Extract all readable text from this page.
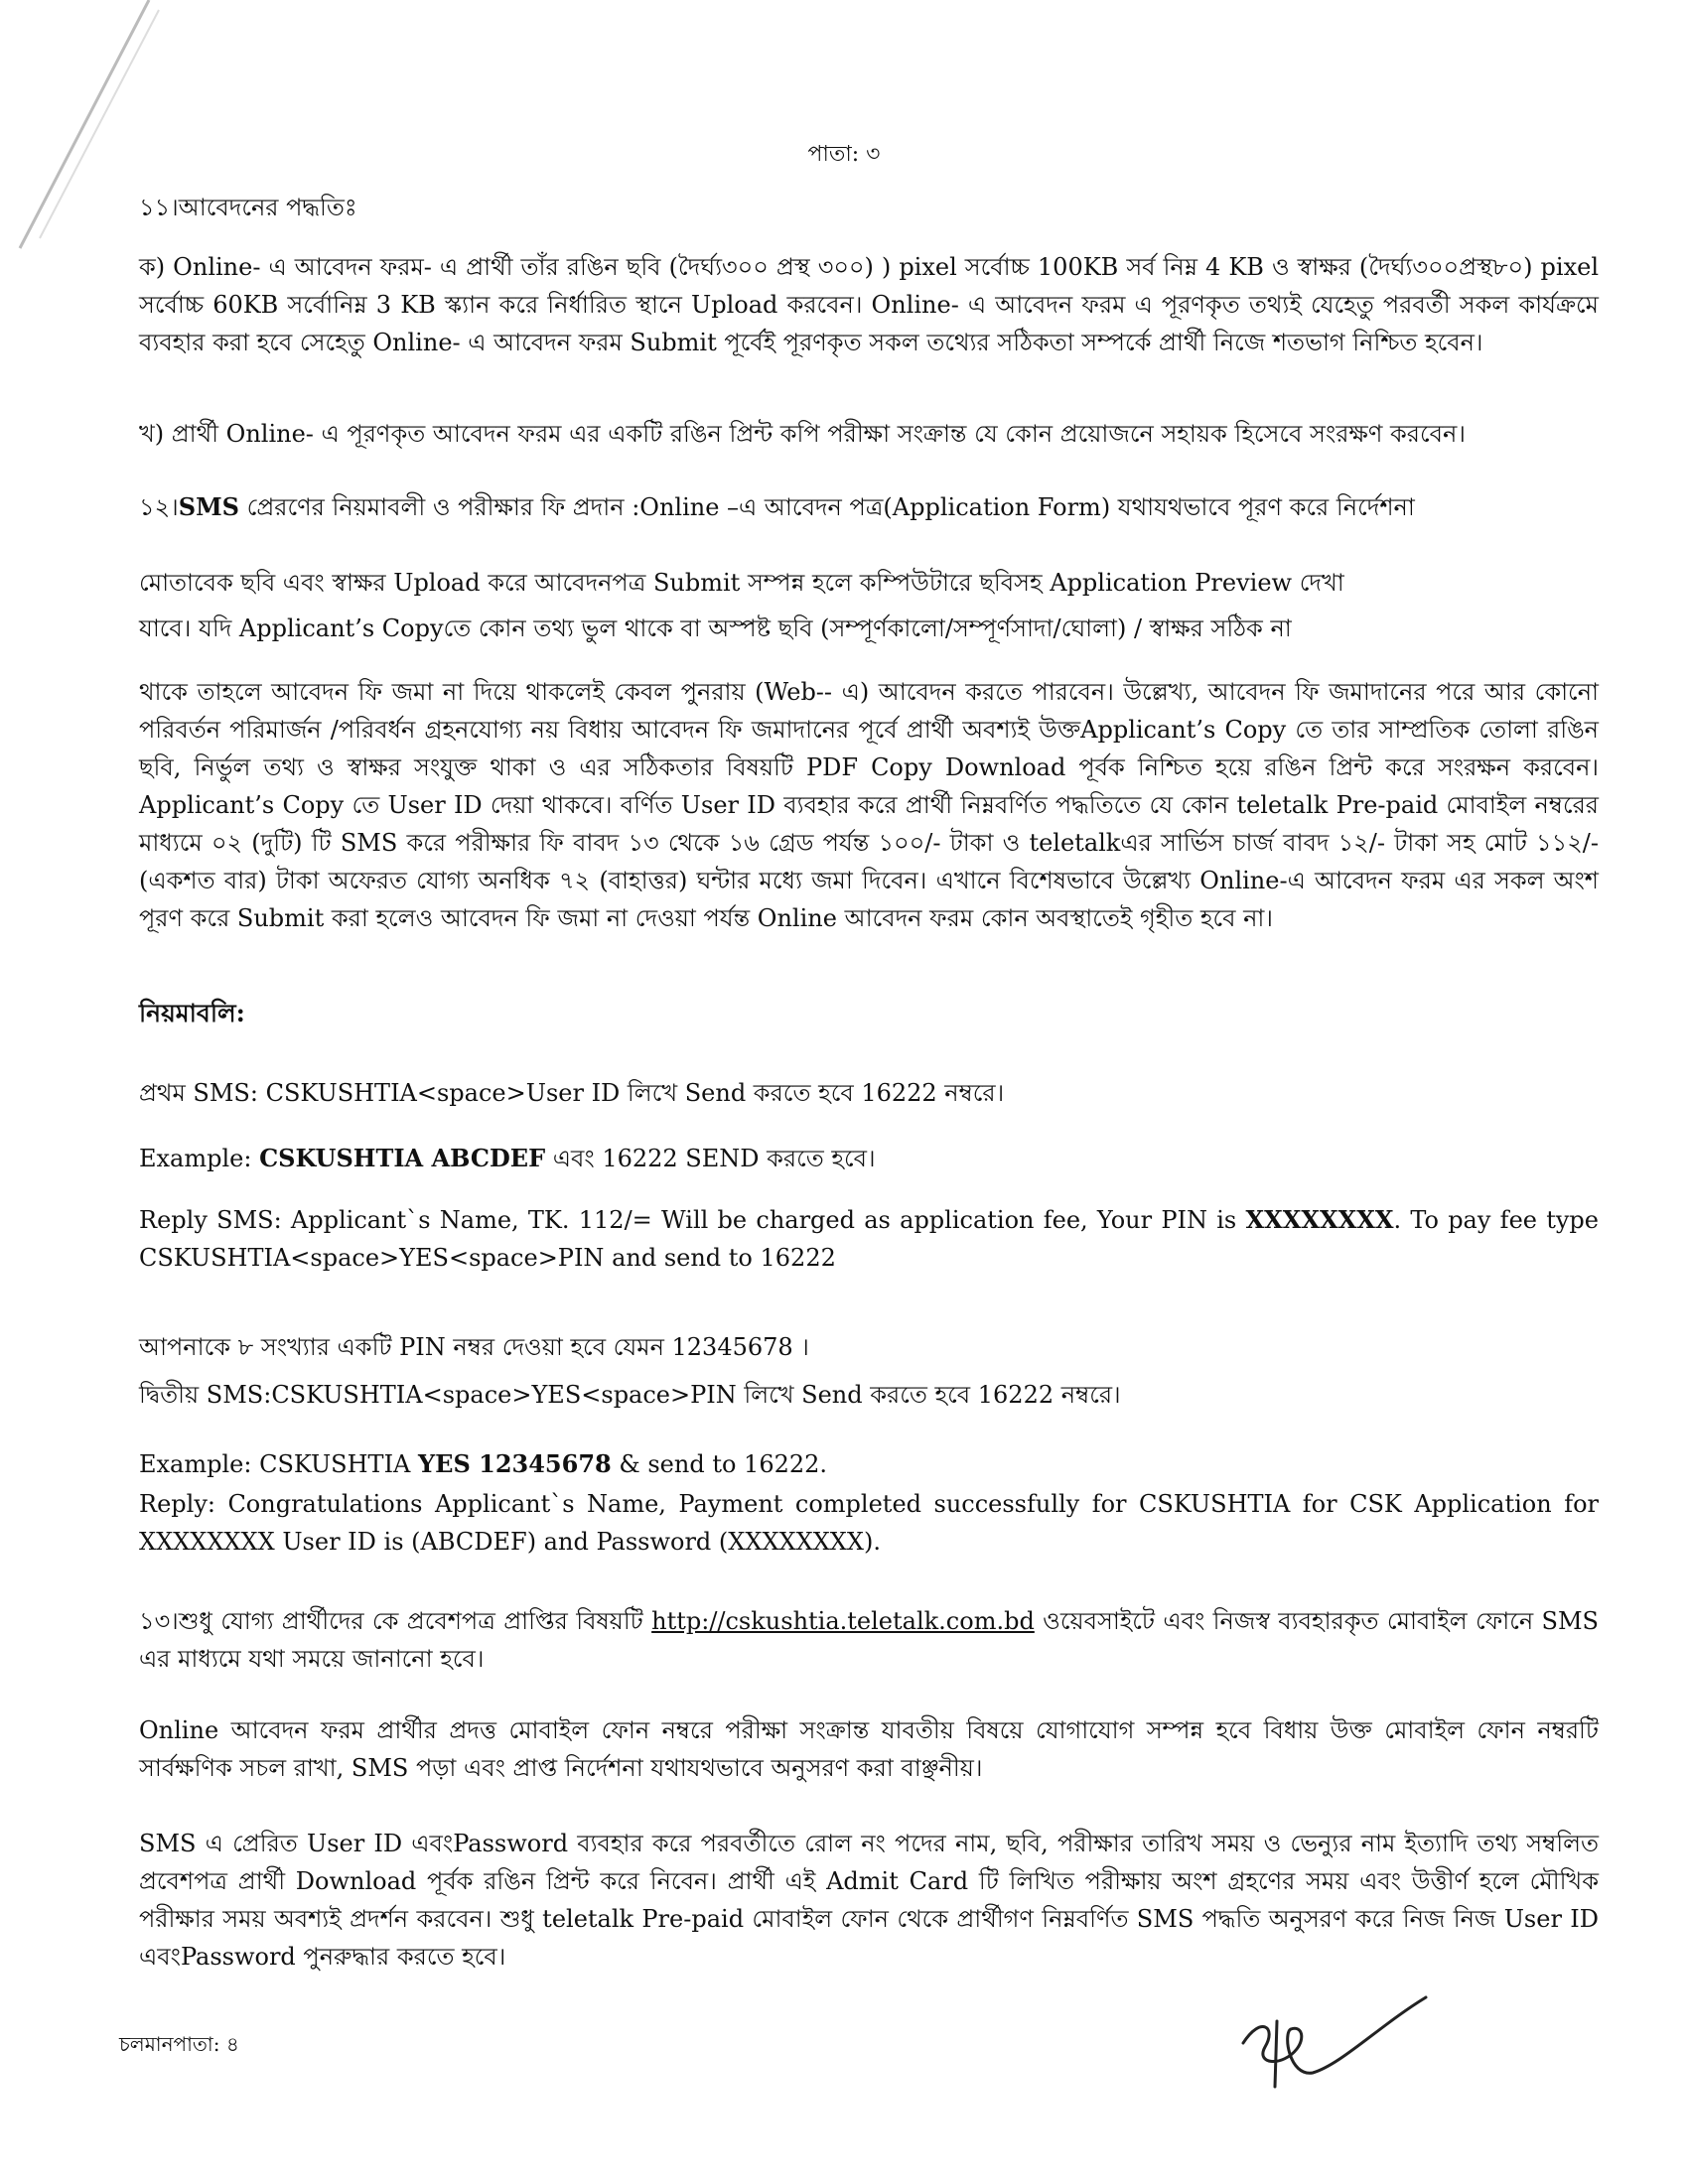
পাতা: ৩

১১।আবেদনের পদ্ধতিঃ

ক) Online- এ আবেদন ফরম- এ প্রার্থী তাঁর রঙিন ছবি (দৈর্ঘ্য৩০০ প্রস্থ ৩০০) ) pixel সর্বোচ্চ 100KB সর্ব নিম্ন 4 KB ও স্বাক্ষর (দৈর্ঘ্য৩০০প্রস্থ৮০) pixel সর্বোচ্চ 60KB সর্বোনিম্ন 3 KB স্ক্যান করে নির্ধারিত স্থানে Upload করবেন। Online- এ আবেদন ফরম এ পূরণকৃত তথ্যই যেহেতু পরবর্তী সকল কার্যক্রমে ব্যবহার করা হবে সেহেতু Online- এ আবেদন ফরম Submit পূর্বেই পূরণকৃত সকল তথ্যের সঠিকতা সম্পর্কে প্রার্থী নিজে শতভাগ নিশ্চিত হবেন।

খ) প্রার্থী Online- এ পূরণকৃত আবেদন ফরম এর একটি রঙিন প্রিন্ট কপি পরীক্ষা সংক্রান্ত যে কোন প্রয়োজনে সহায়ক হিসেবে সংরক্ষণ করবেন।

১২।SMS প্রেরণের নিয়মাবলী ও পরীক্ষার ফি প্রদান :Online –এ আবেদন পত্র(Application Form) যথাযথভাবে পূরণ করে নির্দেশনা

মোতাবেক ছবি এবং স্বাক্ষর Upload করে আবেদনপত্র Submit সম্পন্ন হলে কম্পিউটারে ছবিসহ Application Preview দেখা

যাবে। যদি Applicant’s Copyতে কোন তথ্য ভুল থাকে বা অস্পষ্ট ছবি (সম্পূর্ণকালো/সম্পূর্ণসাদা/ঘোলা) / স্বাক্ষর সঠিক না

থাকে তাহলে আবেদন ফি জমা না দিয়ে থাকলেই কেবল পুনরায় (Web-- এ) আবেদন করতে পারবেন। উল্লেখ্য, আবেদন ফি জমাদানের পরে আর কোনো পরিবর্তন পরিমার্জন /পরিবর্ধন গ্রহনযোগ্য নয় বিধায় আবেদন ফি জমাদানের পূর্বে প্রার্থী অবশ্যই উক্তApplicant’s Copy তে তার সাম্প্রতিক তোলা রঙিন ছবি, নির্ভুল তথ্য ও স্বাক্ষর সংযুক্ত থাকা ও এর সঠিকতার বিষয়টি PDF Copy Download পূর্বক নিশ্চিত হয়ে রঙিন প্রিন্ট করে সংরক্ষন করবেন। Applicant’s Copy তে User ID দেয়া থাকবে। বর্ণিত User ID ব্যবহার করে প্রার্থী নিম্নবর্ণিত পদ্ধতিতে যে কোন teletalk Pre-paid মোবাইল নম্বরের মাধ্যমে ০২ (দুটি) টি SMS করে পরীক্ষার ফি বাবদ ১৩ থেকে ১৬ গ্রেড পর্যন্ত ১০০/- টাকা ও teletalkএর সার্ভিস চার্জ বাবদ ১২/- টাকা সহ মোট ১১২/- (একশত বার) টাকা অফেরত যোগ্য অনধিক ৭২ (বাহাত্তর) ঘন্টার মধ্যে জমা দিবেন। এখানে বিশেষভাবে উল্লেখ্য Online-এ আবেদন ফরম এর সকল অংশ পূরণ করে Submit করা হলেও আবেদন ফি জমা না দেওয়া পর্যন্ত Online আবেদন ফরম কোন অবস্থাতেই গৃহীত হবে না।

নিয়মাবলি:

প্রথম SMS: CSKUSHTIA<space>User ID লিখে Send করতে হবে 16222 নম্বরে।

Example: CSKUSHTIA ABCDEF এবং 16222 SEND করতে হবে।

Reply SMS: Applicant`s Name, TK. 112/= Will be charged as application fee, Your PIN is XXXXXXXX. To pay fee type CSKUSHTIA<space>YES<space>PIN and send to 16222

আপনাকে ৮ সংখ্যার একটি PIN নম্বর দেওয়া হবে যেমন 12345678 ।

দ্বিতীয় SMS:CSKUSHTIA<space>YES<space>PIN লিখে Send করতে হবে 16222 নম্বরে।

Example: CSKUSHTIA YES 12345678 & send to 16222.

Reply: Congratulations Applicant`s Name, Payment completed successfully for CSKUSHTIA for CSK Application for XXXXXXXX User ID is (ABCDEF) and Password (XXXXXXXX).

১৩।শুধু যোগ্য প্রার্থীদের কে প্রবেশপত্র প্রাপ্তির বিষয়টি http://cskushtia.teletalk.com.bd ওয়েবসাইটে এবং নিজস্ব ব্যবহারকৃত মোবাইল ফোনে SMS এর মাধ্যমে যথা সময়ে জানানো হবে।

Online আবেদন ফরম প্রার্থীর প্রদত্ত মোবাইল ফোন নম্বরে পরীক্ষা সংক্রান্ত যাবতীয় বিষয়ে যোগাযোগ সম্পন্ন হবে বিধায় উক্ত মোবাইল ফোন নম্বরটি সার্বক্ষণিক সচল রাখা, SMS পড়া এবং প্রাপ্ত নির্দেশনা যথাযথভাবে অনুসরণ করা বাঞ্ছনীয়।

SMS এ প্রেরিত User ID এবংPassword ব্যবহার করে পরবর্তীতে রোল নং পদের নাম, ছবি, পরীক্ষার তারিখ সময় ও ভেন্যুর নাম ইত্যাদি তথ্য সম্বলিত প্রবেশপত্র প্রার্থী Download পূর্বক রঙিন প্রিন্ট করে নিবেন। প্রার্থী এই Admit Card টি লিখিত পরীক্ষায় অংশ গ্রহণের সময় এবং উত্তীর্ণ হলে মৌখিক পরীক্ষার সময় অবশ্যই প্রদর্শন করবেন। শুধু teletalk Pre-paid মোবাইল ফোন থেকে প্রার্থীগণ নিম্নবর্ণিত SMS পদ্ধতি অনুসরণ করে নিজ নিজ User ID এবংPassword পুনরুদ্ধার করতে হবে।

চলমানপাতা: ৪
